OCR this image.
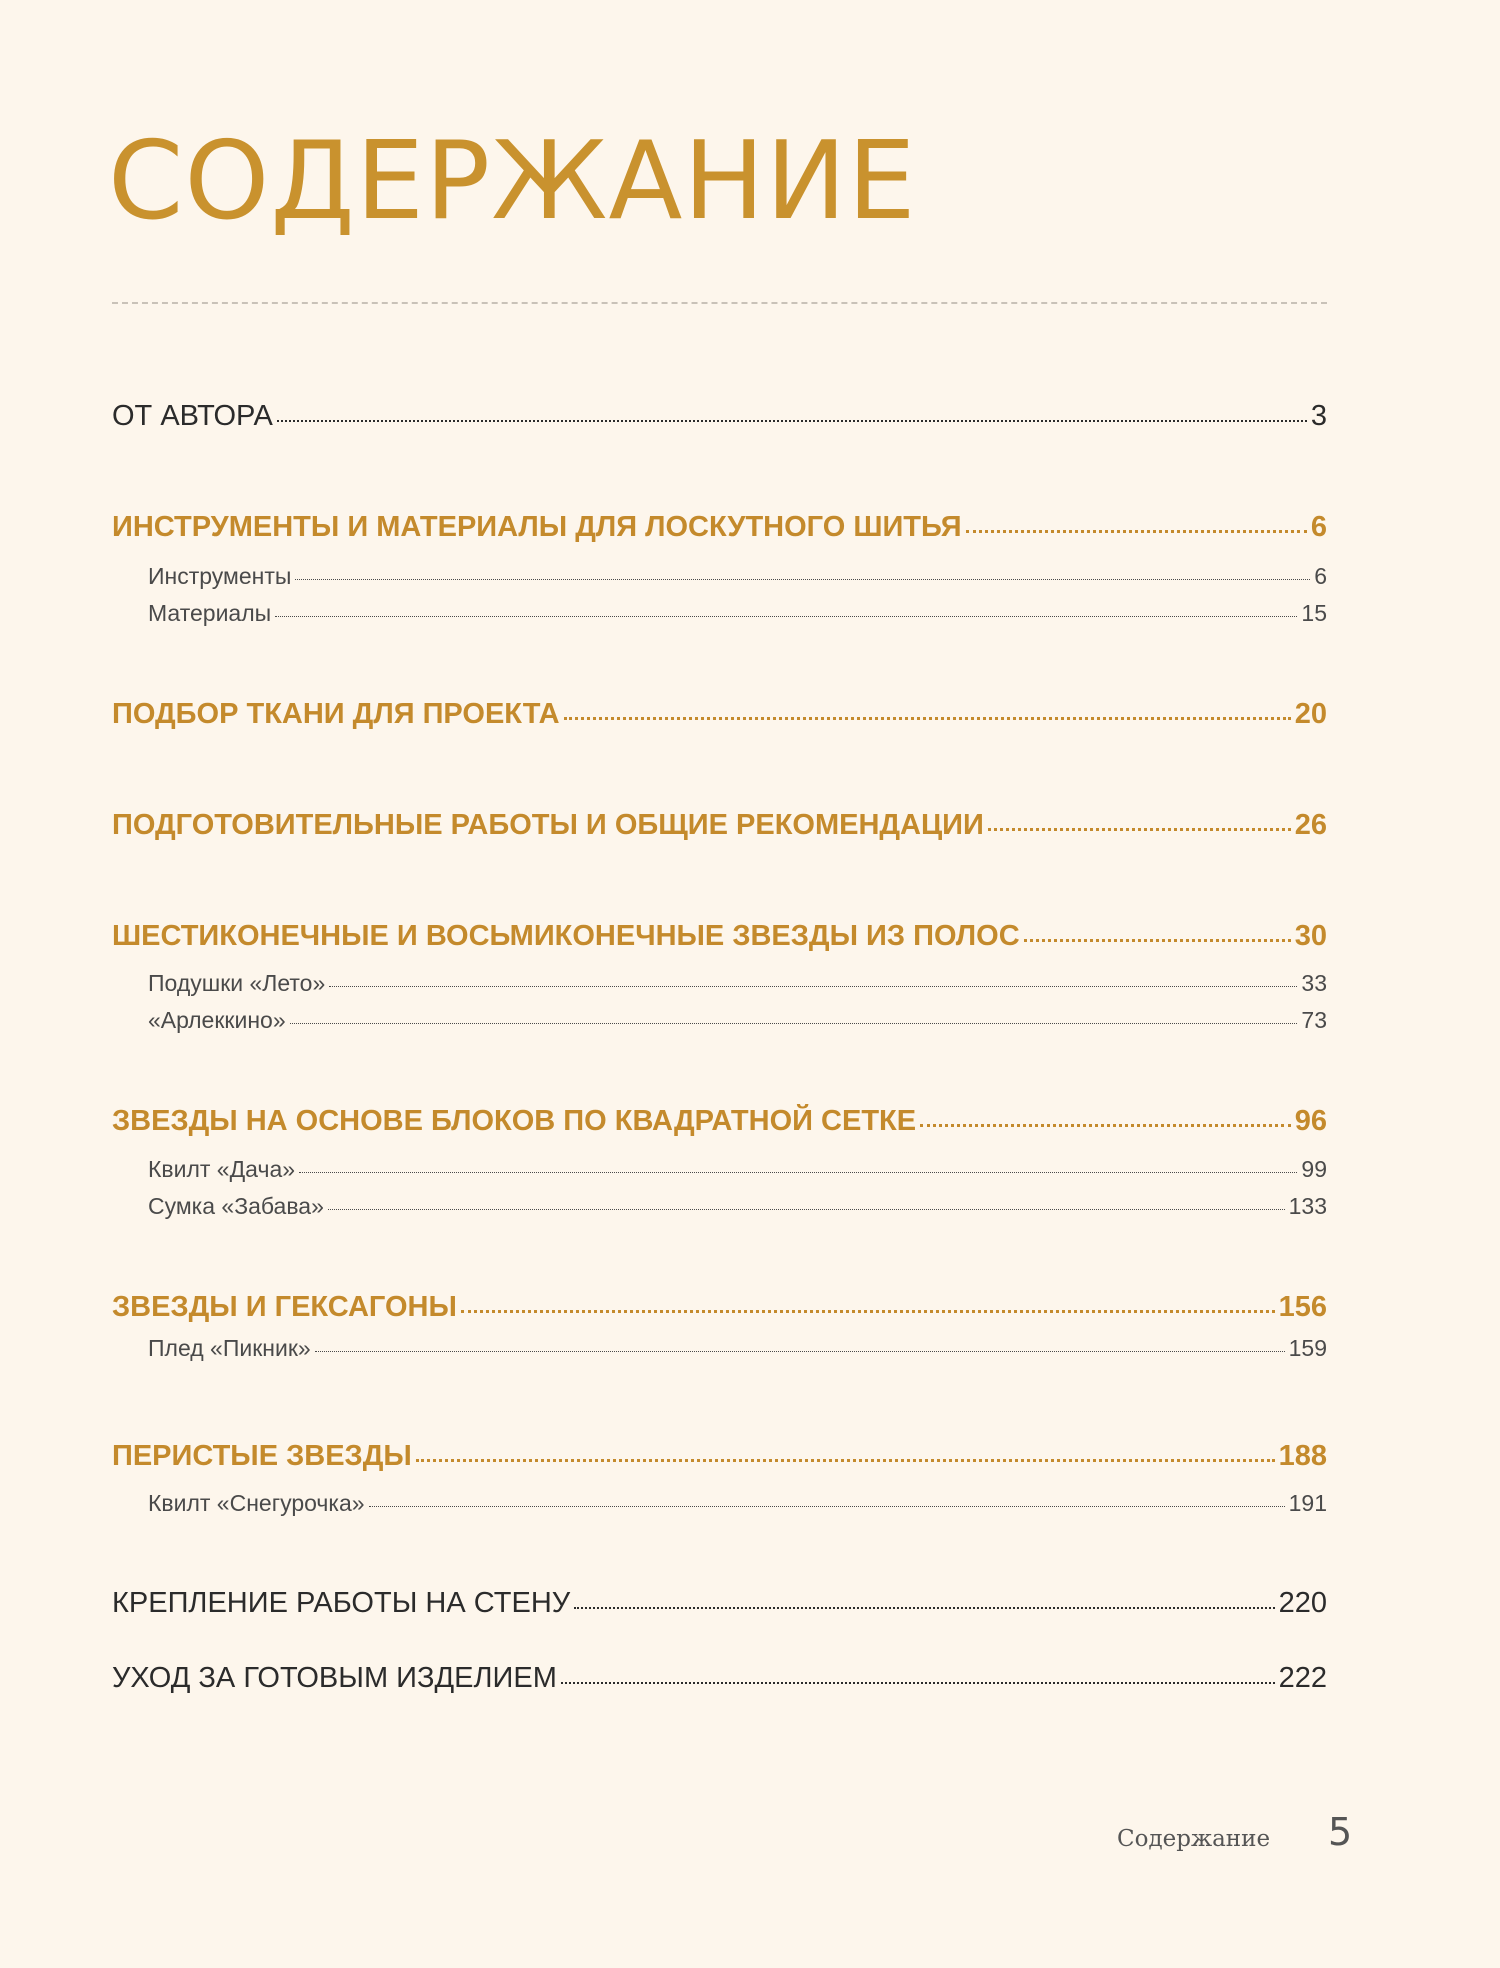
СОДЕРЖАНИЕ
ОТ АВТОРА	3
ИНСТРУМЕНТЫ И МАТЕРИАЛЫ ДЛЯ ЛОСКУТНОГО ШИТЬЯ	6
Инструменты	6
Материалы	15
ПОДБОР ТКАНИ ДЛЯ ПРОЕКТА	20
ПОДГОТОВИТЕЛЬНЫЕ РАБОТЫ И ОБЩИЕ РЕКОМЕНДАЦИИ	26
ШЕСТИКОНЕЧНЫЕ И ВОСЬМИКОНЕЧНЫЕ ЗВЕЗДЫ ИЗ ПОЛОС	30
Подушки «Лето»	33
«Арлеккино»	73
ЗВЕЗДЫ НА ОСНОВЕ БЛОКОВ ПО КВАДРАТНОЙ СЕТКЕ	96
Квилт «Дача»	99
Сумка «Забава»	133
ЗВЕЗДЫ И ГЕКСАГОНЫ	156
Плед «Пикник»	159
ПЕРИСТЫЕ ЗВЕЗДЫ	188
Квилт «Снегурочка»	191
КРЕПЛЕНИЕ РАБОТЫ НА СТЕНУ	220
УХОД ЗА ГОТОВЫМ ИЗДЕЛИЕМ	222
Содержание 5
